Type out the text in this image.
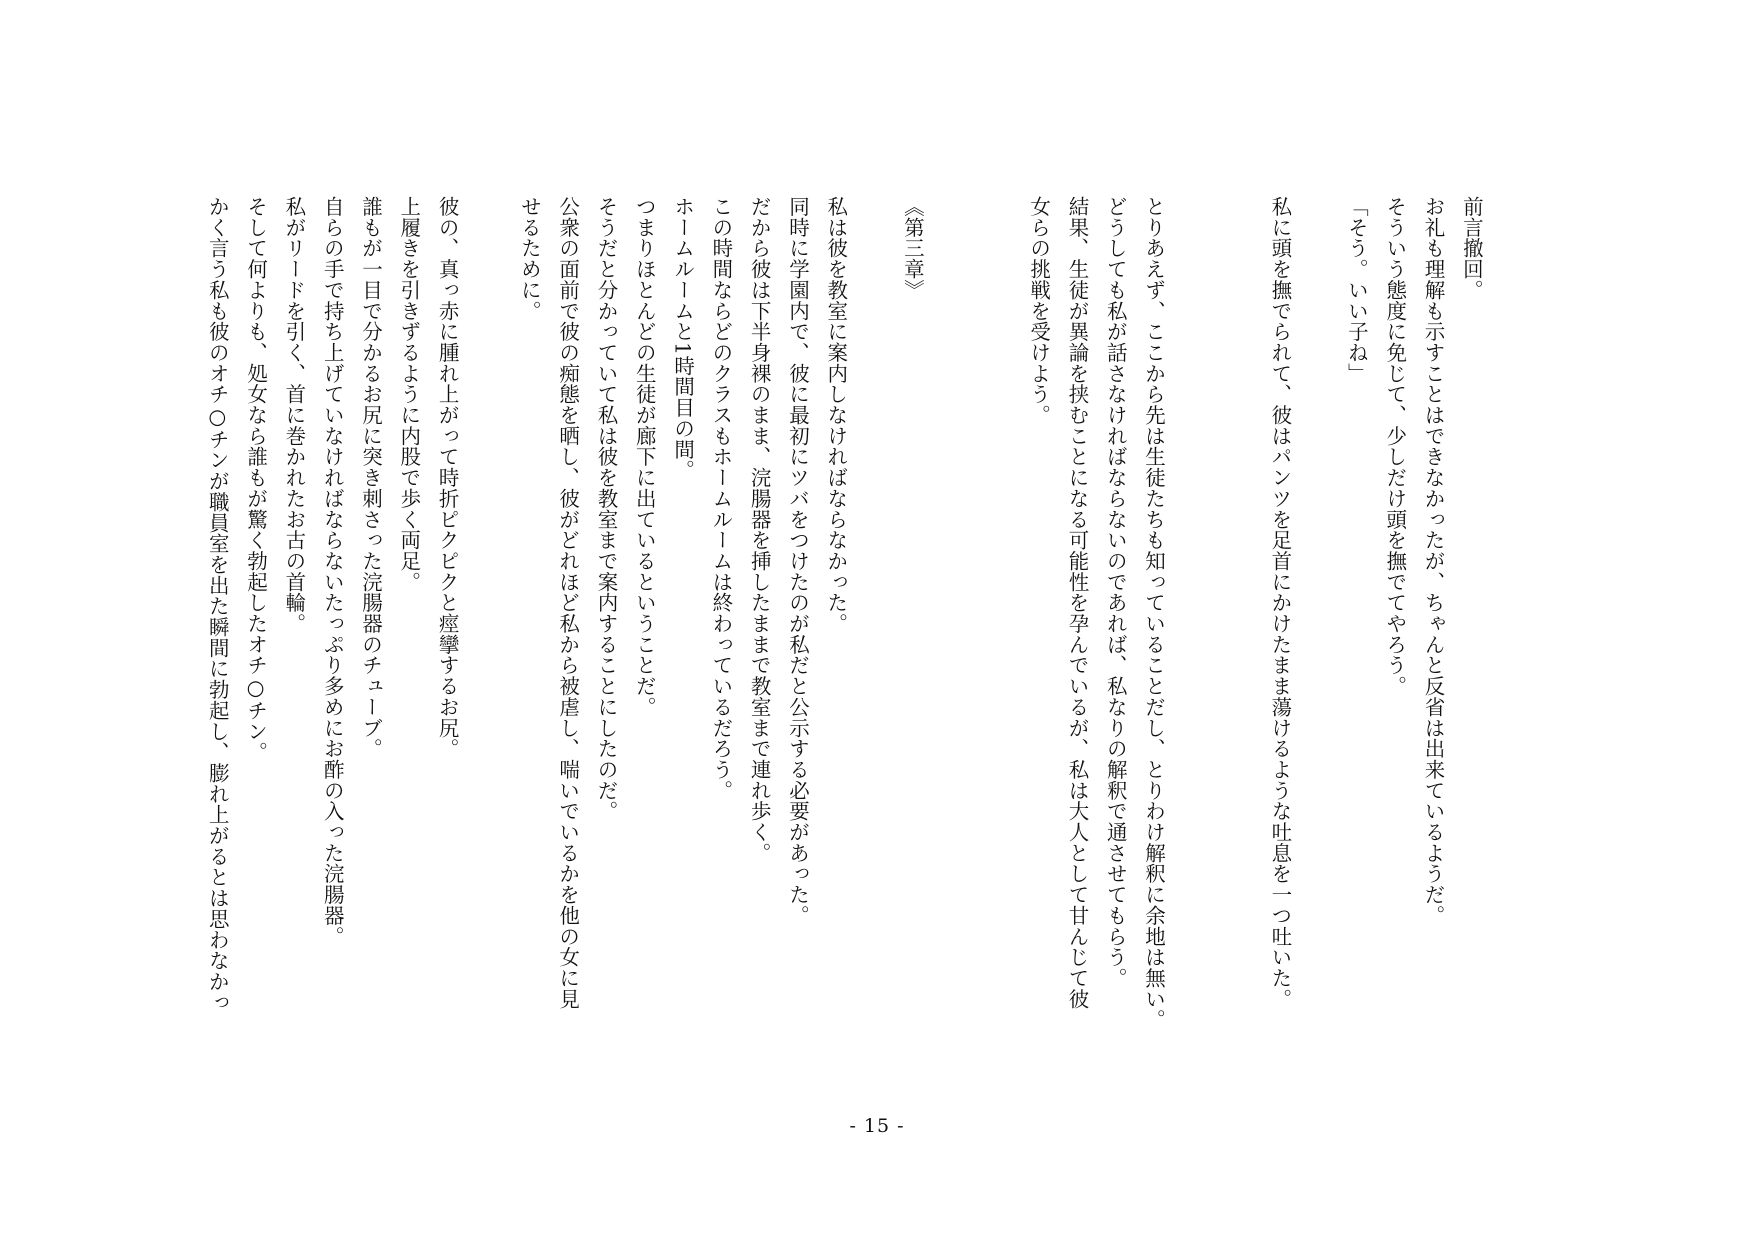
前言撤回。
お礼も理解も示すことはできなかったが、ちゃんと反省は出来ているようだ。
そういう態度に免じて、少しだけ頭を撫でてやろう。
「そう。いい子ね」
私に頭を撫でられて、彼はパンツを足首にかけたまま蕩けるような吐息を一つ吐いた。
とりあえず、ここから先は生徒たちも知っていることだし、とりわけ解釈に余地は無い。
どうしても私が話さなければならないのであれば、私なりの解釈で通させてもらう。
結果、生徒が異論を挟むことになる可能性を孕んでいるが、私は大人として甘んじて彼
女らの挑戦を受けよう。
《第三章》
私は彼を教室に案内しなければならなかった。
同時に学園内で、彼に最初にツバをつけたのが私だと公示する必要があった。
だから彼は下半身裸のまま、浣腸器を挿したままで教室まで連れ歩く。
この時間ならどのクラスもホームルームは終わっているだろう。
ホームルームと1時間目の間。
つまりほとんどの生徒が廊下に出ているということだ。
そうだと分かっていて私は彼を教室まで案内することにしたのだ。
公衆の面前で彼の痴態を晒し、彼がどれほど私から被虐し、喘いでいるかを他の女に見
せるために。
彼の、真っ赤に腫れ上がって時折ピクピクと痙攣するお尻。
上履きを引きずるように内股で歩く両足。
誰もが一目で分かるお尻に突き刺さった浣腸器のチューブ。
自らの手で持ち上げていなければならないたっぷり多めにお酢の入った浣腸器。
私がリードを引く、首に巻かれたお古の首輪。
そして何よりも、処女なら誰もが驚く勃起したオチ○チン。
かく言う私も彼のオチ○チンが職員室を出た瞬間に勃起し、膨れ上がるとは思わなかっ
- 15 -
